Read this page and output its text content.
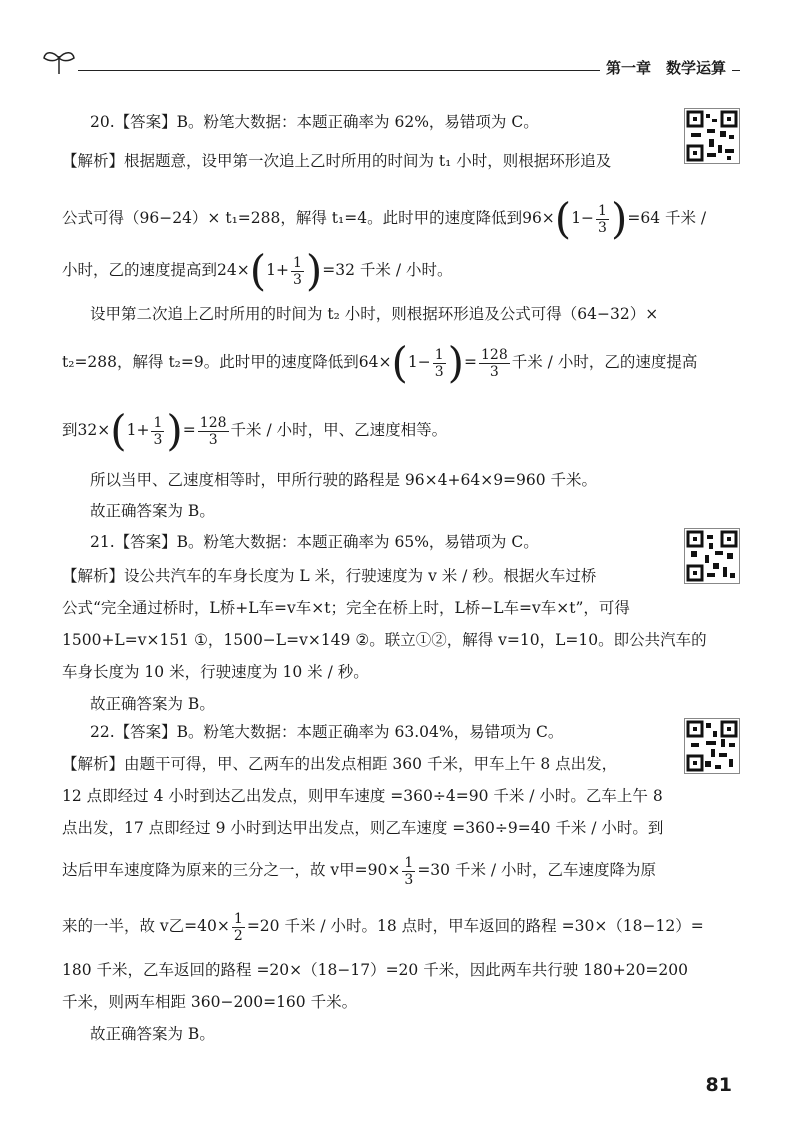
第一章　数学运算
20.【答案】B。粉笔大数据：本题正确率为 62%，易错项为 C。
【解析】根据题意，设甲第一次追上乙时所用的时间为 t₁ 小时，则根据环形追及
公式可得（96−24）× t₁=288，解得 t₁=4。此时甲的速度降低到$96\times(1- \frac{1}{3} )=64$ 千米 /
小时，乙的速度提高到$24\times(1+ \frac{1}{3} )=32$ 千米 / 小时。
设甲第二次追上乙时所用的时间为 t₂ 小时，则根据环形追及公式可得（64−32）×
t₂=288，解得 t₂=9。此时甲的速度降低到$64\times(1- \frac{1}{3}$ )= $\frac{128}{3}$ 千米 / 小时，乙的速度提高
到$32\times(1+ \frac{1}{3}$ )= $\frac{128}{3}$ 千米 / 小时，甲、乙速度相等。
所以当甲、乙速度相等时，甲所行驶的路程是 96×4+64×9=960 千米。
故正确答案为 B。
21.【答案】B。粉笔大数据：本题正确率为 65%，易错项为 C。
【解析】设公共汽车的车身长度为 L 米，行驶速度为 v 米 / 秒。根据火车过桥
公式“完全通过桥时，L桥+L车=v车×t；完全在桥上时，L桥−L车=v车×t”，可得
1500+L=v×151 ①，1500−L=v×149 ②。联立①②，解得 v=10，L=10。即公共汽车的
车身长度为 10 米，行驶速度为 10 米 / 秒。
故正确答案为 B。
22.【答案】B。粉笔大数据：本题正确率为 63.04%，易错项为 C。
【解析】由题干可得，甲、乙两车的出发点相距 360 千米，甲车上午 8 点出发，
12 点即经过 4 小时到达乙出发点，则甲车速度 =360÷4=90 千米 / 小时。乙车上午 8
点出发，17 点即经过 9 小时到达甲出发点，则乙车速度 =360÷9=40 千米 / 小时。到
达后甲车速度降为原来的三分之一，故 v甲$=90\times \frac{1}{3} =30$ 千米 / 小时，乙车速度降为原
来的一半，故 v乙$=40\times \frac{1}{2} =20$ 千米 / 小时。18 点时，甲车返回的路程 =30×（18−12）=
180 千米，乙车返回的路程 =20×（18−17）=20 千米，因此两车共行驶 180+20=200
千米，则两车相距 360−200=160 千米。
故正确答案为 B。
81
